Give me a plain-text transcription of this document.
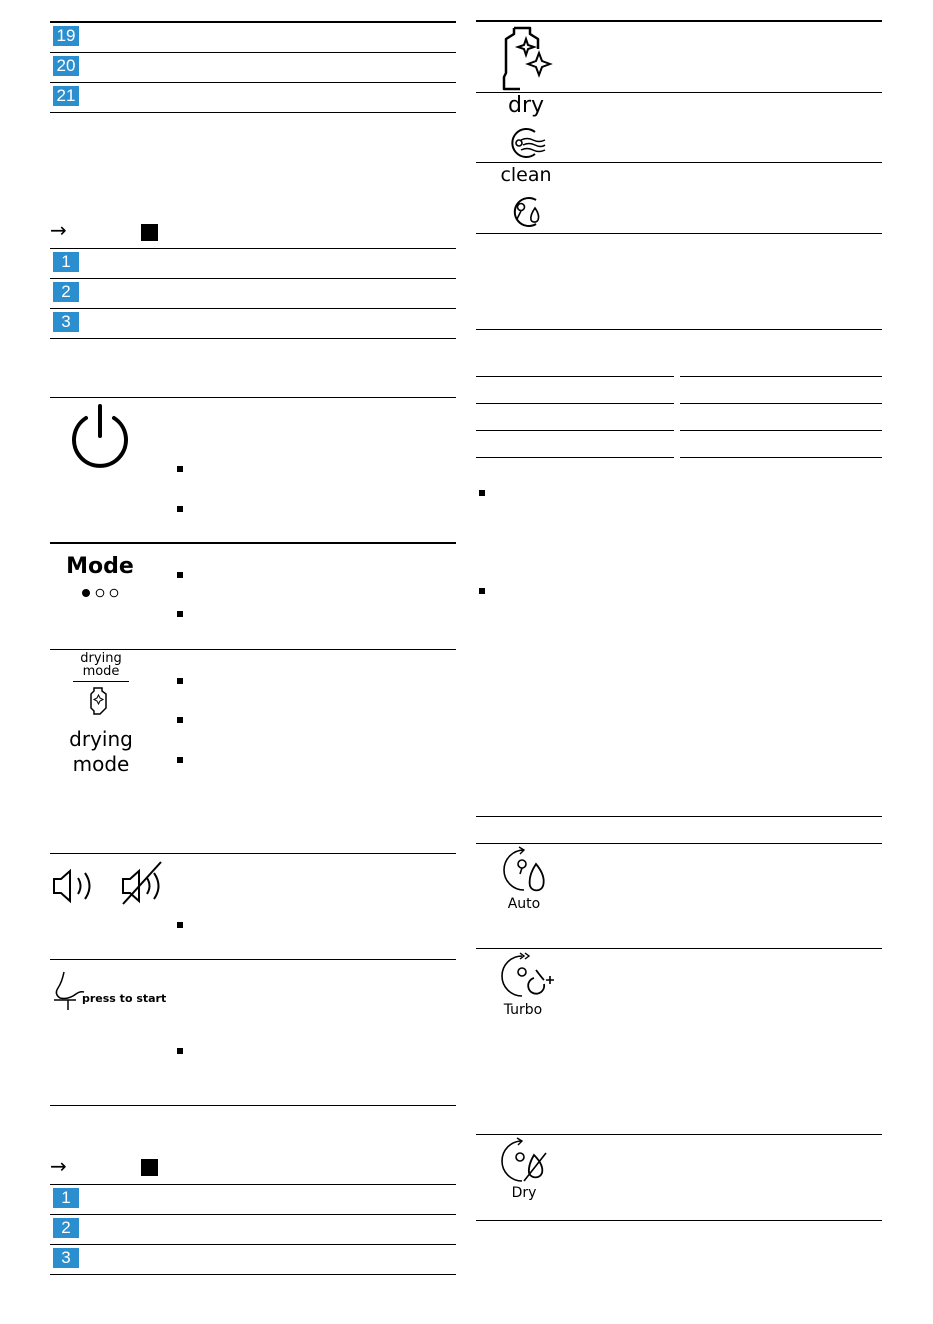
19
20
21
→
1
2
3
Mode
drying mode
drying
mode
press to start
→
1
2
3
dry
clean
Auto
Turbo
Dry
